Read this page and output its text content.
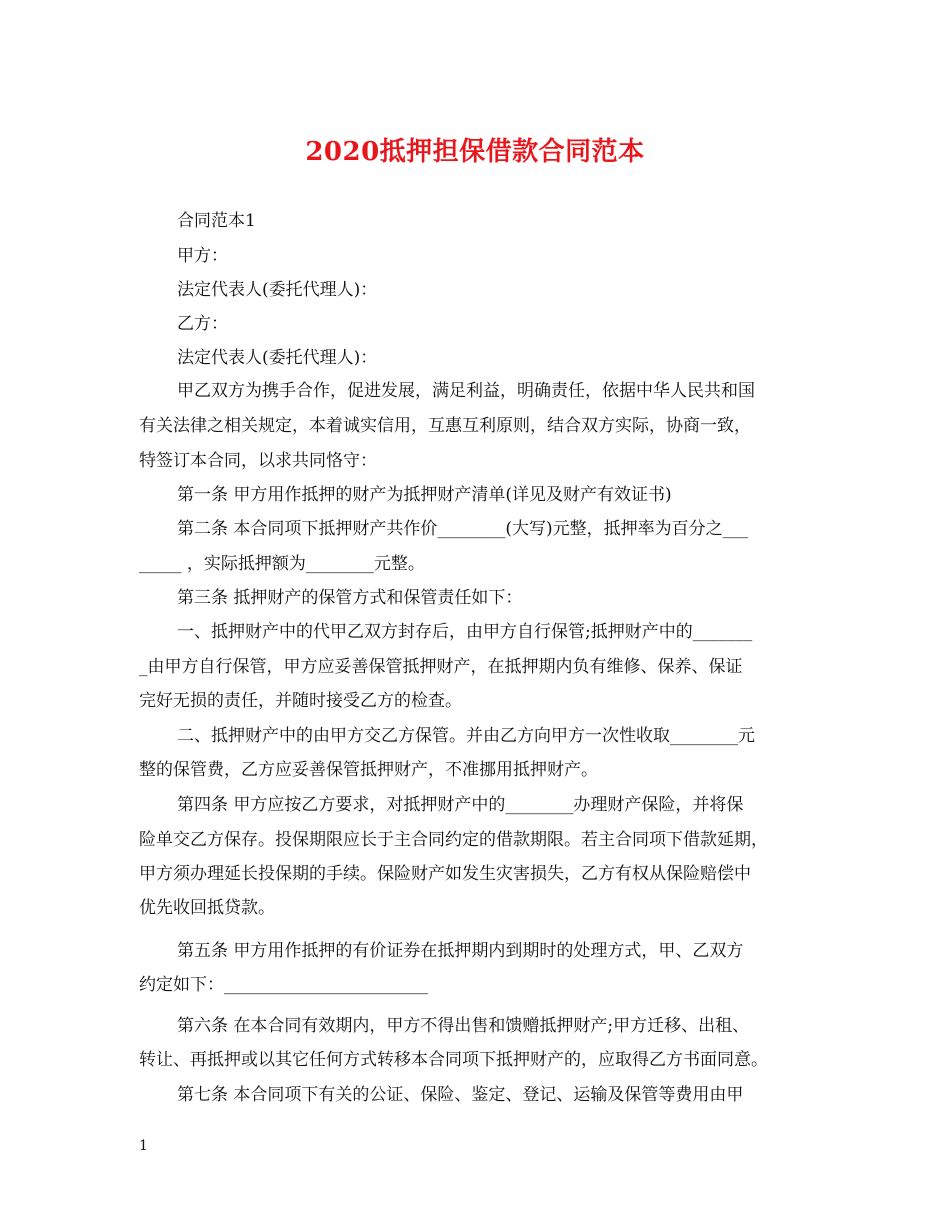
2020抵押担保借款合同范本
合同范本1
甲方：
法定代表人(委托代理人)：
乙方：
法定代表人(委托代理人)：
甲乙双方为携手合作，促进发展，满足利益，明确责任，依据中华人民共和国
有关法律之相关规定，本着诚实信用，互惠互利原则，结合双方实际，协商一致，
特签订本合同，以求共同恪守：
第一条 甲方用作抵押的财产为抵押财产清单(详见及财产有效证书)
第二条 本合同项下抵押财产共作价________(大写)元整，抵押率为百分之___
_____ ，实际抵押额为________元整。
第三条 抵押财产的保管方式和保管责任如下：
一、抵押财产中的代甲乙双方封存后，由甲方自行保管;抵押财产中的_______
_由甲方自行保管，甲方应妥善保管抵押财产，在抵押期内负有维修、保养、保证
完好无损的责任，并随时接受乙方的检查。
二、抵押财产中的由甲方交乙方保管。并由乙方向甲方一次性收取________元
整的保管费，乙方应妥善保管抵押财产，不准挪用抵押财产。
第四条 甲方应按乙方要求，对抵押财产中的________办理财产保险，并将保
险单交乙方保存。投保期限应长于主合同约定的借款期限。若主合同项下借款延期，
甲方须办理延长投保期的手续。保险财产如发生灾害损失，乙方有权从保险赔偿中
优先收回抵贷款。
第五条 甲方用作抵押的有价证券在抵押期内到期时的处理方式，甲、乙双方
约定如下：________________________
第六条 在本合同有效期内，甲方不得出售和馈赠抵押财产;甲方迁移、出租、
转让、再抵押或以其它任何方式转移本合同项下抵押财产的，应取得乙方书面同意。
第七条 本合同项下有关的公证、保险、鉴定、登记、运输及保管等费用由甲
1
